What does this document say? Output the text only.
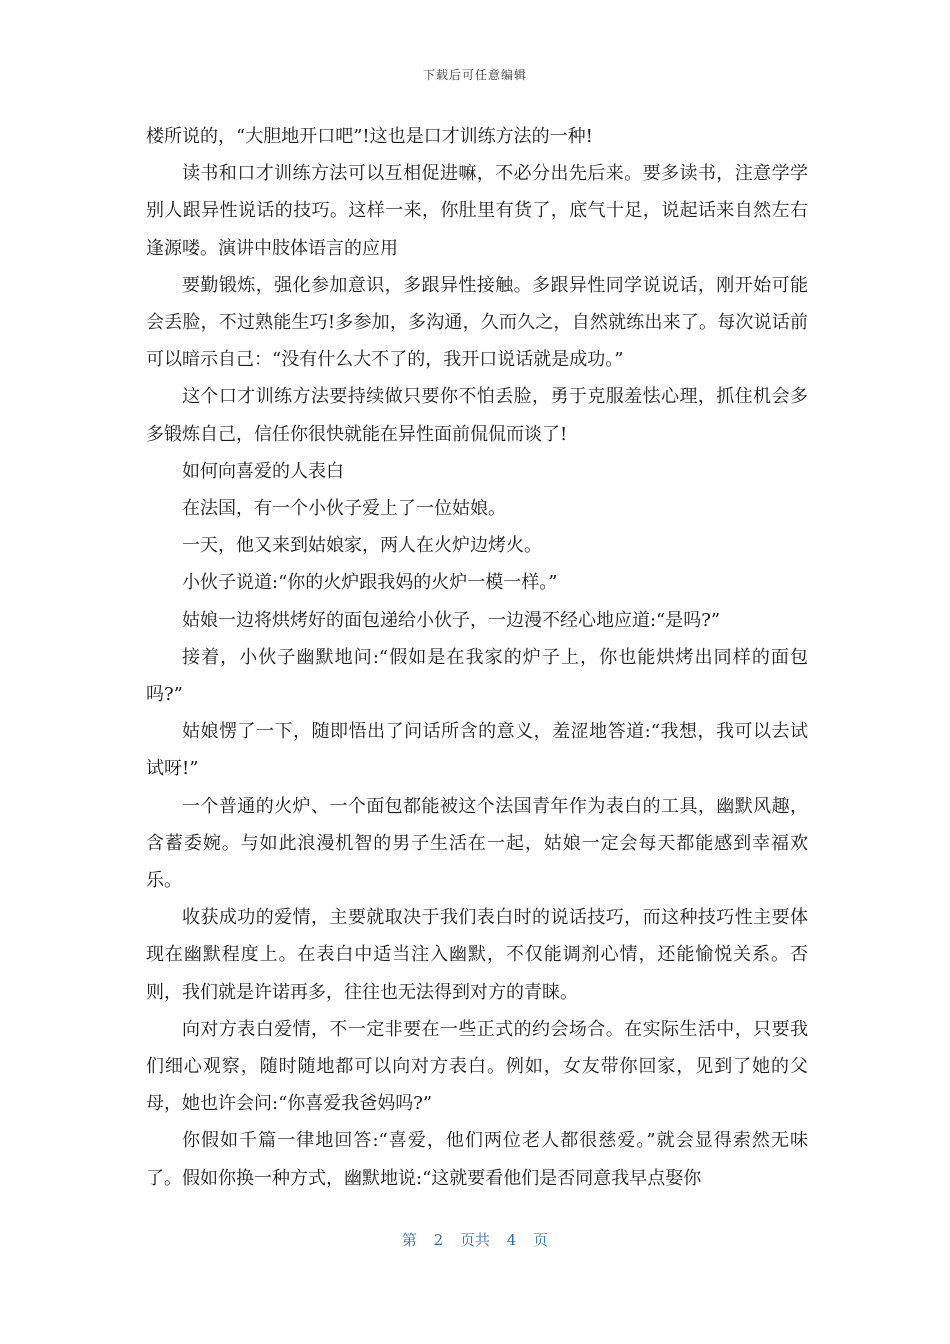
下载后可任意编辑

楼所说的，“大胆地开口吧”!这也是口才训练方法的一种!

读书和口才训练方法可以互相促进嘛，不必分出先后来。要多读书，注意学学别人跟异性说话的技巧。这样一来，你肚里有货了，底气十足，说起话来自然左右逢源喽。演讲中肢体语言的应用

要勤锻炼，强化参加意识，多跟异性接触。多跟异性同学说说话，刚开始可能会丢脸，不过熟能生巧!多参加，多沟通，久而久之，自然就练出来了。每次说话前可以暗示自己：“没有什么大不了的，我开口说话就是成功。”

这个口才训练方法要持续做只要你不怕丢脸，勇于克服羞怯心理，抓住机会多多锻炼自己，信任你很快就能在异性面前侃侃而谈了!

如何向喜爱的人表白

在法国，有一个小伙子爱上了一位姑娘。

一天，他又来到姑娘家，两人在火炉边烤火。

小伙子说道:“你的火炉跟我妈的火炉一模一样。”

姑娘一边将烘烤好的面包递给小伙子，一边漫不经心地应道:“是吗?”

接着，小伙子幽默地问:“假如是在我家的炉子上，你也能烘烤出同样的面包吗?”

姑娘愣了一下，随即悟出了问话所含的意义，羞涩地答道:“我想，我可以去试试呀!”

一个普通的火炉、一个面包都能被这个法国青年作为表白的工具，幽默风趣，含蓄委婉。与如此浪漫机智的男子生活在一起，姑娘一定会每天都能感到幸福欢乐。

收获成功的爱情，主要就取决于我们表白时的说话技巧，而这种技巧性主要体现在幽默程度上。在表白中适当注入幽默，不仅能调剂心情，还能愉悦关系。否则，我们就是许诺再多，往往也无法得到对方的青睐。

向对方表白爱情，不一定非要在一些正式的约会场合。在实际生活中，只要我们细心观察，随时随地都可以向对方表白。例如，女友带你回家，见到了她的父母，她也许会问:“你喜爱我爸妈吗?”

你假如千篇一律地回答:“喜爱，他们两位老人都很慈爱。”就会显得索然无味了。假如你换一种方式，幽默地说:“这就要看他们是否同意我早点娶你

第 2 页共 4 页
